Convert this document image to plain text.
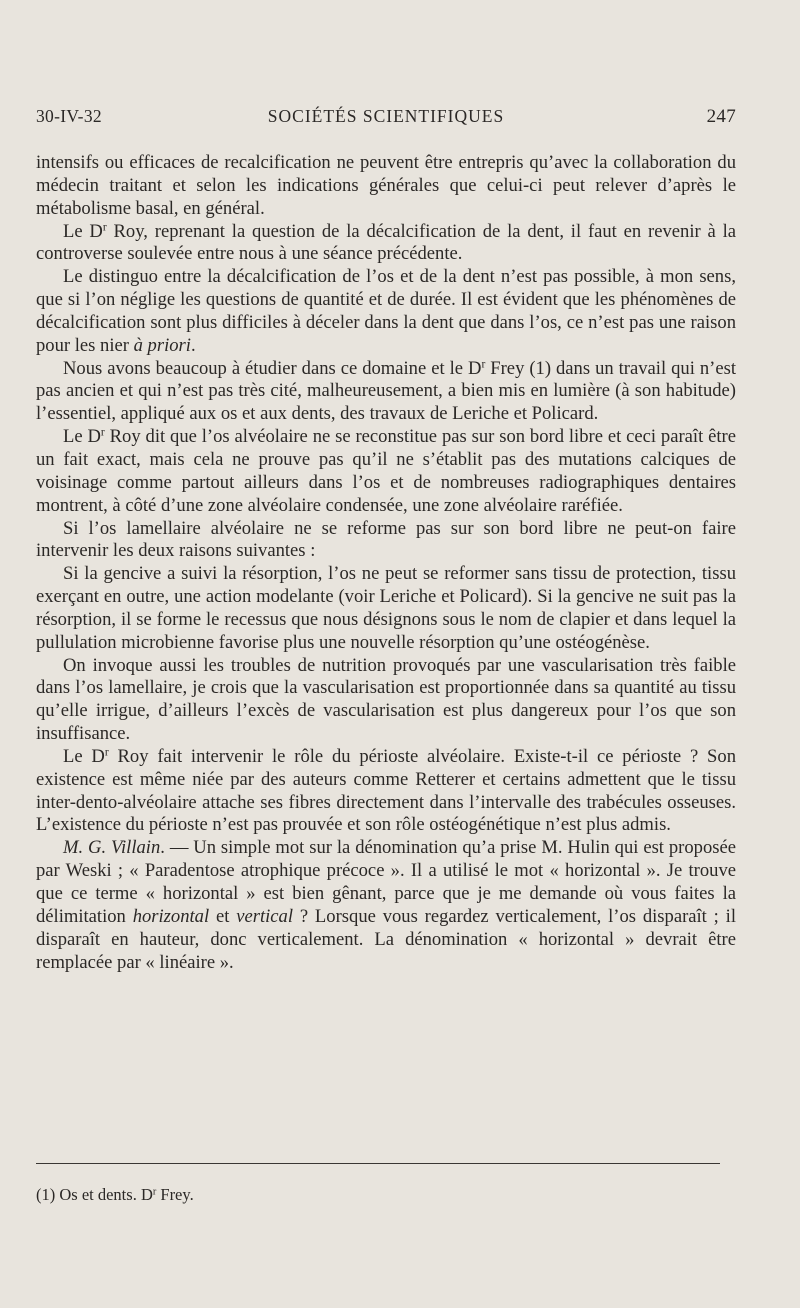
30-IV-32	SOCIÉTÉS SCIENTIFIQUES	247

intensifs ou efficaces de recalcification ne peuvent être entrepris qu’avec la collaboration du médecin traitant et selon les indications générales que celui-ci peut relever d’après le métabolisme basal, en général.

Le $D^r$ Roy, reprenant la question de la décalcification de la dent, il faut en revenir à la controverse soulevée entre nous à une séance précédente.

Le distinguo entre la décalcification de l’os et de la dent n’est pas possible, à mon sens, que si l’on néglige les questions de quantité et de durée. Il est évident que les phénomènes de décalcification sont plus difficiles à déceler dans la dent que dans l’os, ce n’est pas une raison pour les nier à priori.

Nous avons beaucoup à étudier dans ce domaine et le $D^r$ Frey (1) dans un travail qui n’est pas ancien et qui n’est pas très cité, malheureusement, a bien mis en lumière (à son habitude) l’essentiel, appliqué aux os et aux dents, des travaux de Leriche et Policard.

Le $D^r$ Roy dit que l’os alvéolaire ne se reconstitue pas sur son bord libre et ceci paraît être un fait exact, mais cela ne prouve pas qu’il ne s’établit pas des mutations calciques de voisinage comme partout ailleurs dans l’os et de nombreuses radiographiques dentaires montrent, à côté d’une zone alvéolaire condensée, une zone alvéolaire raréfiée.

Si l’os lamellaire alvéolaire ne se reforme pas sur son bord libre ne peut-on faire intervenir les deux raisons suivantes :

Si la gencive a suivi la résorption, l’os ne peut se reformer sans tissu de protection, tissu exerçant en outre, une action modelante (voir Leriche et Policard). Si la gencive ne suit pas la résorption, il se forme le recessus que nous désignons sous le nom de clapier et dans lequel la pullulation microbienne favorise plus une nouvelle résorption qu’une ostéogénèse.

On invoque aussi les troubles de nutrition provoqués par une vascularisation très faible dans l’os lamellaire, je crois que la vascularisation est proportionnée dans sa quantité au tissu qu’elle irrigue, d’ailleurs l’excès de vascularisation est plus dangereux pour l’os que son insuffisance.

Le $D^r$ Roy fait intervenir le rôle du périoste alvéolaire. Existe-t-il ce périoste ? Son existence est même niée par des auteurs comme Retterer et certains admettent que le tissu inter-dento-alvéolaire attache ses fibres directement dans l’intervalle des trabécules osseuses. L’existence du périoste n’est pas prouvée et son rôle ostéogénétique n’est plus admis.

M. G. Villain. — Un simple mot sur la dénomination qu’a prise M. Hulin qui est proposée par Weski ; « Paradentose atrophique précoce ». Il a utilisé le mot « horizontal ». Je trouve que ce terme « horizontal » est bien gênant, parce que je me demande où vous faites la délimitation horizontal et vertical ? Lorsque vous regardez verticalement, l’os disparaît ; il disparaît en hauteur, donc verticalement. La dénomination « horizontal » devrait être remplacée par « linéaire ».

(1) Os et dents. $D^r$ Frey.
